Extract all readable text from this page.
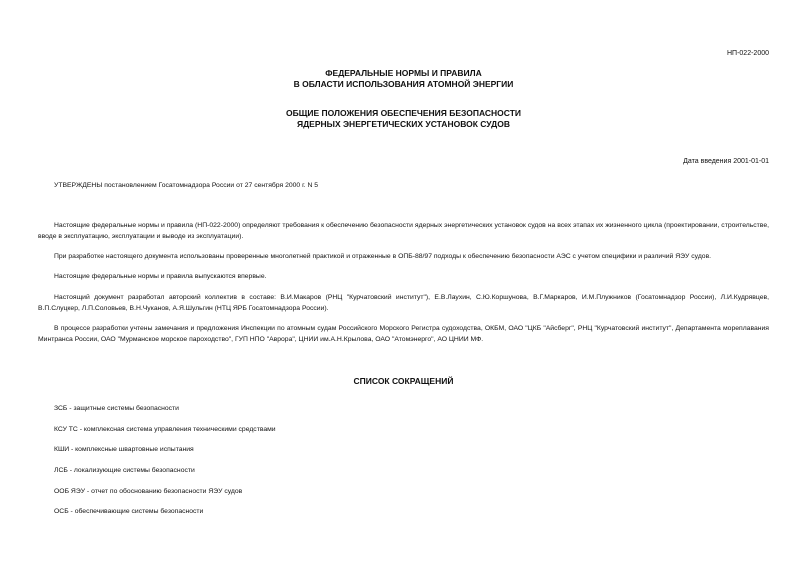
НП-022-2000
ФЕДЕРАЛЬНЫЕ НОРМЫ И ПРАВИЛА
В ОБЛАСТИ ИСПОЛЬЗОВАНИЯ АТОМНОЙ ЭНЕРГИИ
ОБЩИЕ ПОЛОЖЕНИЯ ОБЕСПЕЧЕНИЯ БЕЗОПАСНОСТИ
ЯДЕРНЫХ ЭНЕРГЕТИЧЕСКИХ УСТАНОВОК СУДОВ
Дата введения 2001-01-01

УТВЕРЖДЕНЫ постановлением Госатомнадзора России от 27 сентября 2000 г. N 5

Настоящие федеральные нормы и правила (НП-022-2000) определяют требования к обеспечению безопасности ядерных энергетических установок судов на всех этапах их жизненного цикла (проектировании, строительстве, вводе в эксплуатацию, эксплуатации и выводе из эксплуатации).

При разработке настоящего документа использованы проверенные многолетней практикой и отраженные в ОПБ-88/97 подходы к обеспечению безопасности АЭС с учетом специфики и различий ЯЭУ судов.

Настоящие федеральные нормы и правила выпускаются впервые.

Настоящий документ разработал авторский коллектив в составе: В.И.Макаров (РНЦ "Курчатовский институт"), Е.В.Лаухин, С.Ю.Коршунова, В.Г.Маркаров, И.М.Плужников (Госатомнадзор России), Л.И.Кудрявцев, В.П.Слуцкер, Л.П.Соловьев, В.Н.Чуканов, А.Я.Шульгин (НТЦ ЯРБ Госатомнадзора России).

В процессе разработки учтены замечания и предложения Инспекции по атомным судам Российского Морского Регистра судоходства, ОКБМ, ОАО "ЦКБ "Айсберг", РНЦ "Курчатовский институт", Департамента мореплавания Минтранса России, ОАО "Мурманское морское пароходство", ГУП НПО "Аврора", ЦНИИ им.А.Н.Крылова, ОАО "Атомэнерго", АО ЦНИИ МФ.

СПИСОК СОКРАЩЕНИЙ
ЗСБ - защитные системы безопасности
КСУ ТС - комплексная система управления техническими средствами
КШИ - комплексные швартовные испытания
ЛСБ - локализующие системы безопасности
ООБ ЯЭУ - отчет по обоснованию безопасности ЯЭУ судов
ОСБ - обеспечивающие системы безопасности
